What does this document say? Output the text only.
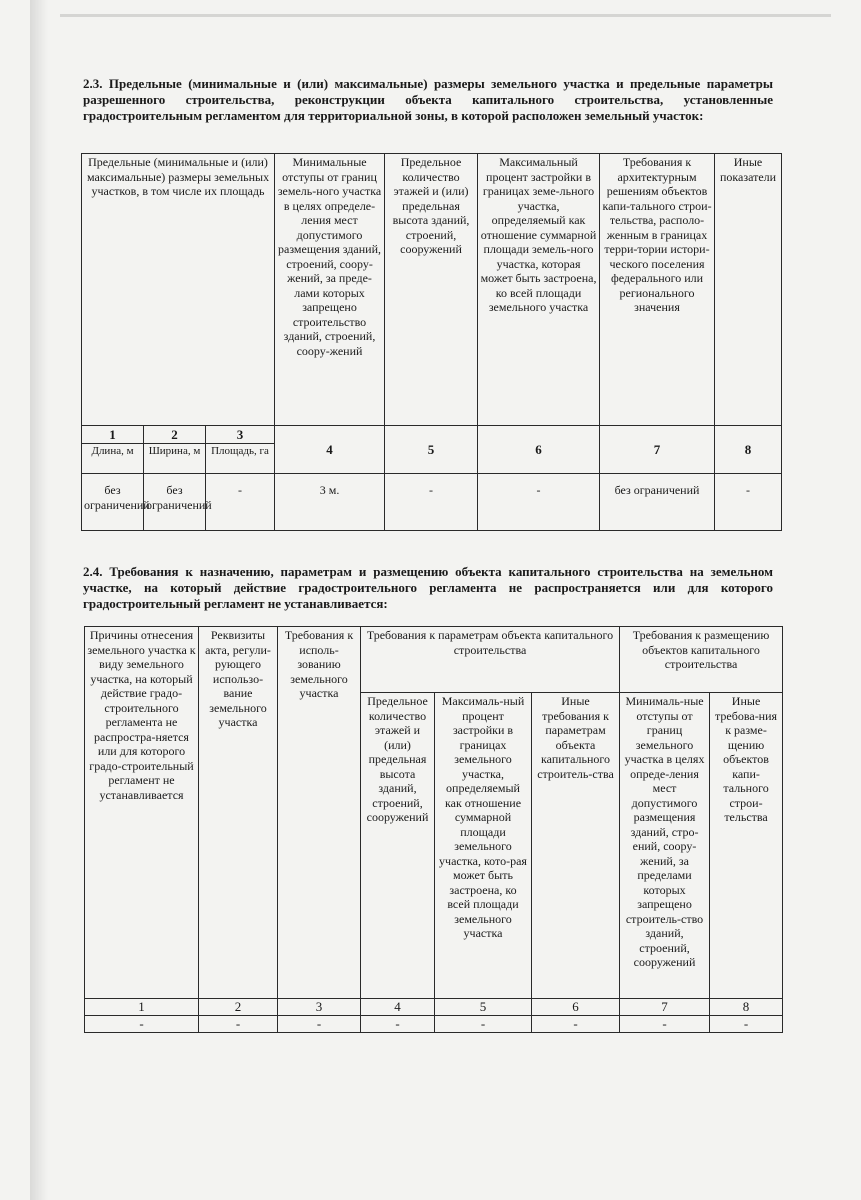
2.3. Предельные (минимальные и (или) максимальные) размеры земельного участка и предельные параметры разрешенного строительства, реконструкции объекта капитального строительства, установленные градостроительным регламентом для территориальной зоны, в которой расположен земельный участок:
Предельные (минимальные и (или) максимальные) размеры земельных участков, в том числе их площадь			Минимальные отступы от границ земель-ного участка в целях определе-ления мест допустимого размещения зданий, строений, соору-жений, за преде-лами которых запрещено строительство зданий, строений, соору-жений	Предельное количество этажей и (или) предельная высота зданий, строений, сооружений	Максимальный процент застройки в границах земе-льного участка, определяемый как отношение суммарной площади земель-ного участка, которая может быть застроена, ко всей площади земельного участка	Требования к архитектурным решениям объектов капи-тального строи-тельства, располо-женным в границах терри-тории истори-ческого поселения федерального или регионального значения	Иные показатели
1	2	3	4	5	6	7	8
Длина, м	Ширина, м	Площадь, га					
без ограничений	без ограничений	-	3 м.	-	-	без ограничений	-
2.4. Требования к назначению, параметрам и размещению объекта капитального строительства на земельном участке, на который действие градостроительного регламента не распространяется или для которого градостроительный регламент не устанавливается:
Причины отнесения земельного участка к виду земельного участка, на который действие градо-строительного регламента не распростра-няется или для которого градо-строительный регламент не устанавливается	Реквизиты акта, регули-рующего использо-вание земельного участка	Требования к исполь-зованию земельного участка	Требования к параметрам объекта капитального строительства			Требования к размещению объектов капитального строительства	
			Предельное количество этажей и (или) предельная высота зданий, строений, сооружений	Максималь-ный процент застройки в границах земельного участка, определяемый как отношение суммарной площади земельного участка, кото-рая может быть застроена, ко всей площади земельного участка	Иные требования к параметрам объекта капитального строитель-ства	Минималь-ные отступы от границ земельного участка в целях опреде-ления мест допустимого размещения зданий, стро-ений, соору-жений, за пределами которых запрещено строитель-ство зданий, строений, сооружений	Иные требова-ния к разме-щению объектов капи-тального строи-тельства
1	2	3	4	5	6	7	8
-	-	-	-	-	-	-	-
